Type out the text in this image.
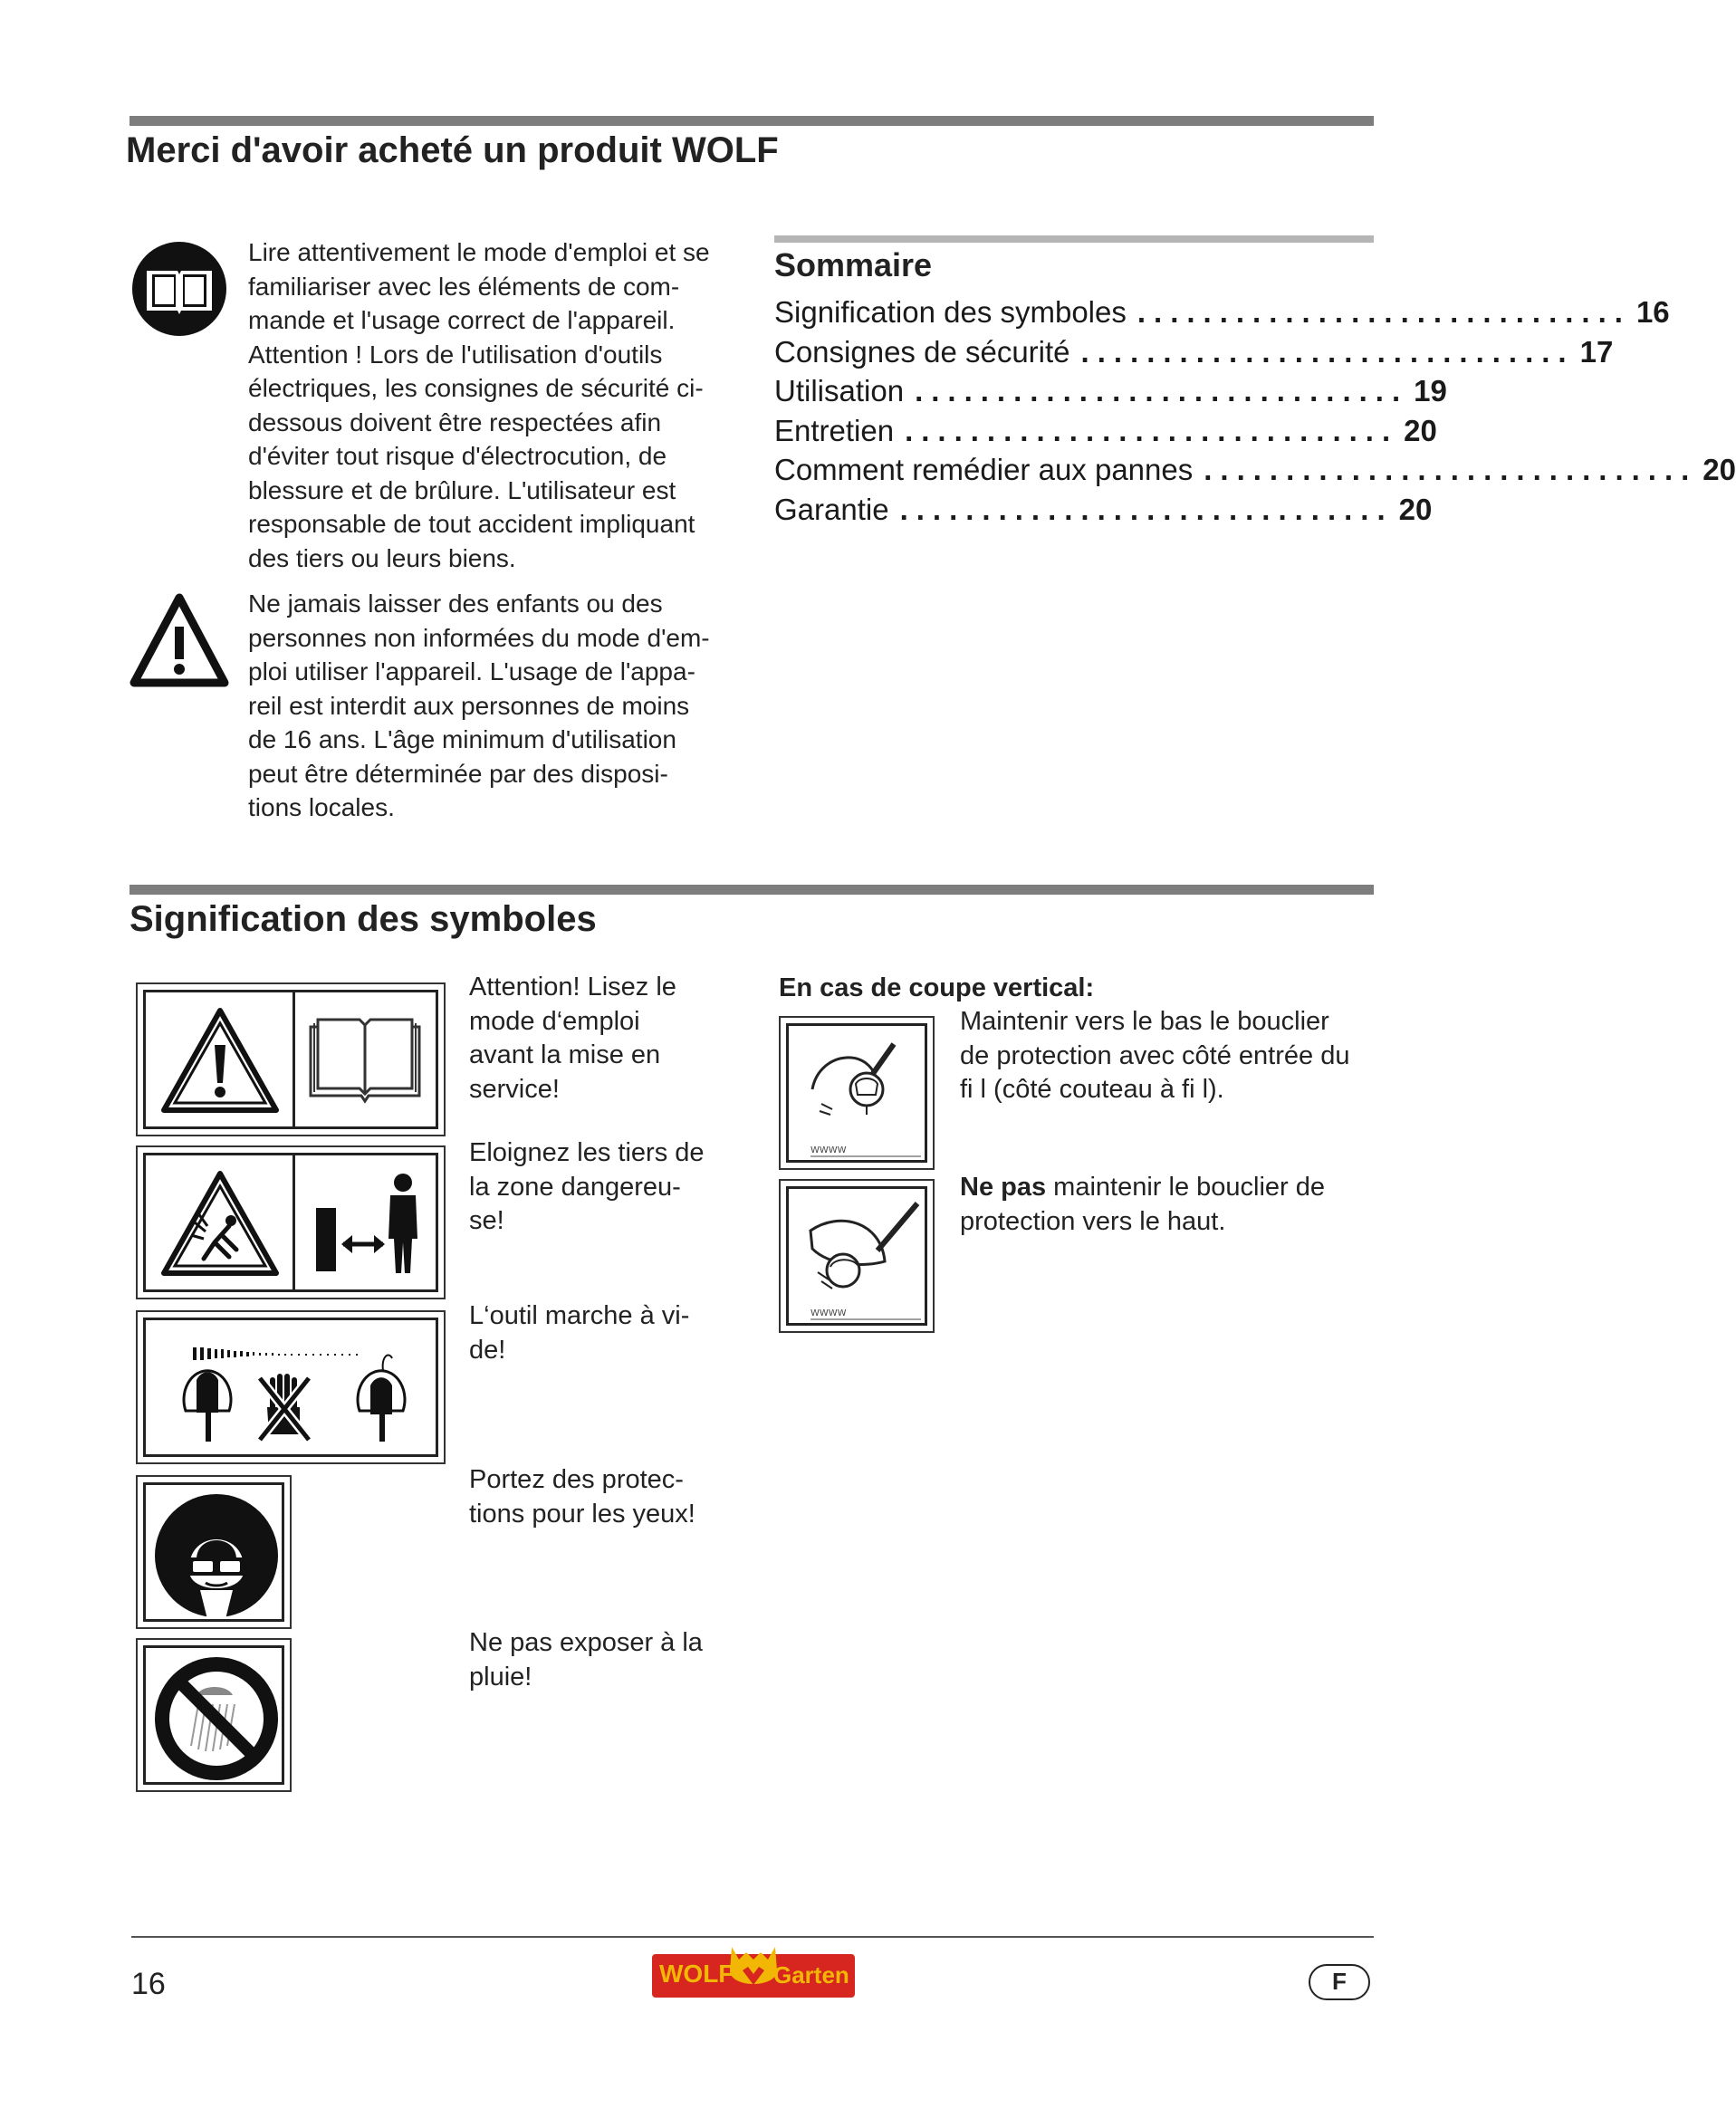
Merci d'avoir acheté un produit WOLF
Lire attentivement le mode d'emploi et se
familiariser avec les éléments de com-
mande et l'usage correct de l'appareil.
Attention ! Lors de l'utilisation d'outils
électriques, les consignes de sécurité ci-
dessous doivent être respectées afin
d'éviter tout risque d'électrocution, de
blessure et de brûlure. L'utilisateur est
responsable de tout accident impliquant
des tiers ou leurs biens.
Ne jamais laisser des enfants ou des
personnes non informées du mode d'em-
ploi utiliser l'appareil. L'usage de l'appa-
reil est interdit aux personnes de moins
de 16 ans. L'âge minimum d'utilisation
peut être déterminée par des disposi-
tions locales.
Sommaire
Signification des symboles .............................. 16
Consignes de sécurité .............................. 17
Utilisation .............................. 19
Entretien .............................. 20
Comment remédier aux pannes .............................. 20
Garantie .............................. 20
Signification des symboles
Attention! Lisez le
mode d‘emploi
avant la mise en
service!
Eloignez les tiers de
la zone dangereu-
se!
L‘outil marche à vi-
de!
Portez des protec-
tions pour les yeux!
Ne pas exposer à la
pluie!
En cas de coupe vertical:
WWWW
Maintenir vers le bas le bouclier
de protection avec côté entrée du
fi l (côté couteau à fi l).
WWWW
Ne pas maintenir le bouclier de
protection vers le haut.
16	WOLF Garten	F
